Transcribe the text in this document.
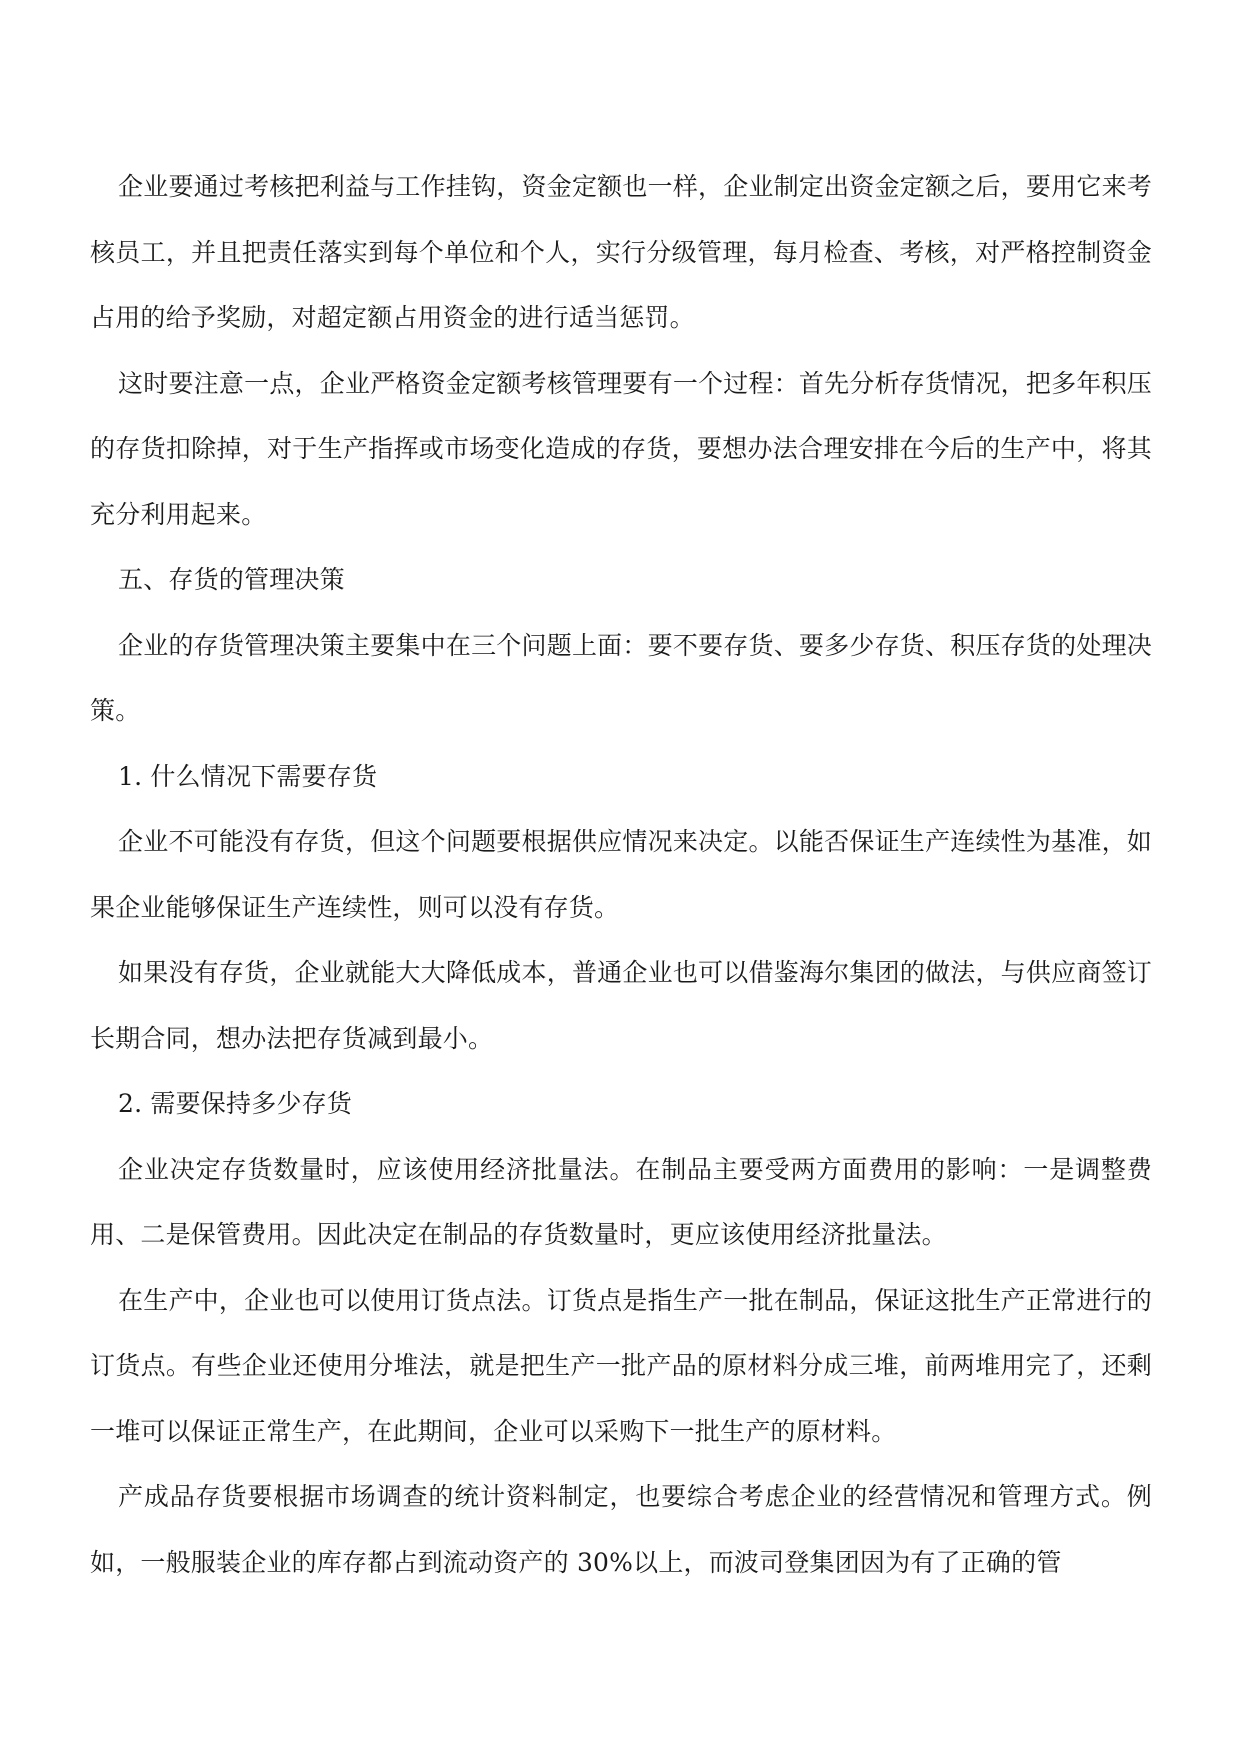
企业要通过考核把利益与工作挂钩，资金定额也一样，企业制定出资金定额之后，要用它来考核员工，并且把责任落实到每个单位和个人，实行分级管理，每月检查、考核，对严格控制资金占用的给予奖励，对超定额占用资金的进行适当惩罚。

这时要注意一点，企业严格资金定额考核管理要有一个过程：首先分析存货情况，把多年积压的存货扣除掉，对于生产指挥或市场变化造成的存货，要想办法合理安排在今后的生产中，将其充分利用起来。

五、存货的管理决策

企业的存货管理决策主要集中在三个问题上面：要不要存货、要多少存货、积压存货的处理决策。

1. 什么情况下需要存货

企业不可能没有存货，但这个问题要根据供应情况来决定。以能否保证生产连续性为基准，如果企业能够保证生产连续性，则可以没有存货。

如果没有存货，企业就能大大降低成本，普通企业也可以借鉴海尔集团的做法，与供应商签订长期合同，想办法把存货减到最小。

2. 需要保持多少存货

企业决定存货数量时，应该使用经济批量法。在制品主要受两方面费用的影响：一是调整费用、二是保管费用。因此决定在制品的存货数量时，更应该使用经济批量法。

在生产中，企业也可以使用订货点法。订货点是指生产一批在制品，保证这批生产正常进行的订货点。有些企业还使用分堆法，就是把生产一批产品的原材料分成三堆，前两堆用完了，还剩一堆可以保证正常生产，在此期间，企业可以采购下一批生产的原材料。

产成品存货要根据市场调查的统计资料制定，也要综合考虑企业的经营情况和管理方式。例如，一般服装企业的库存都占到流动资产的 30%以上，而波司登集团因为有了正确的管
